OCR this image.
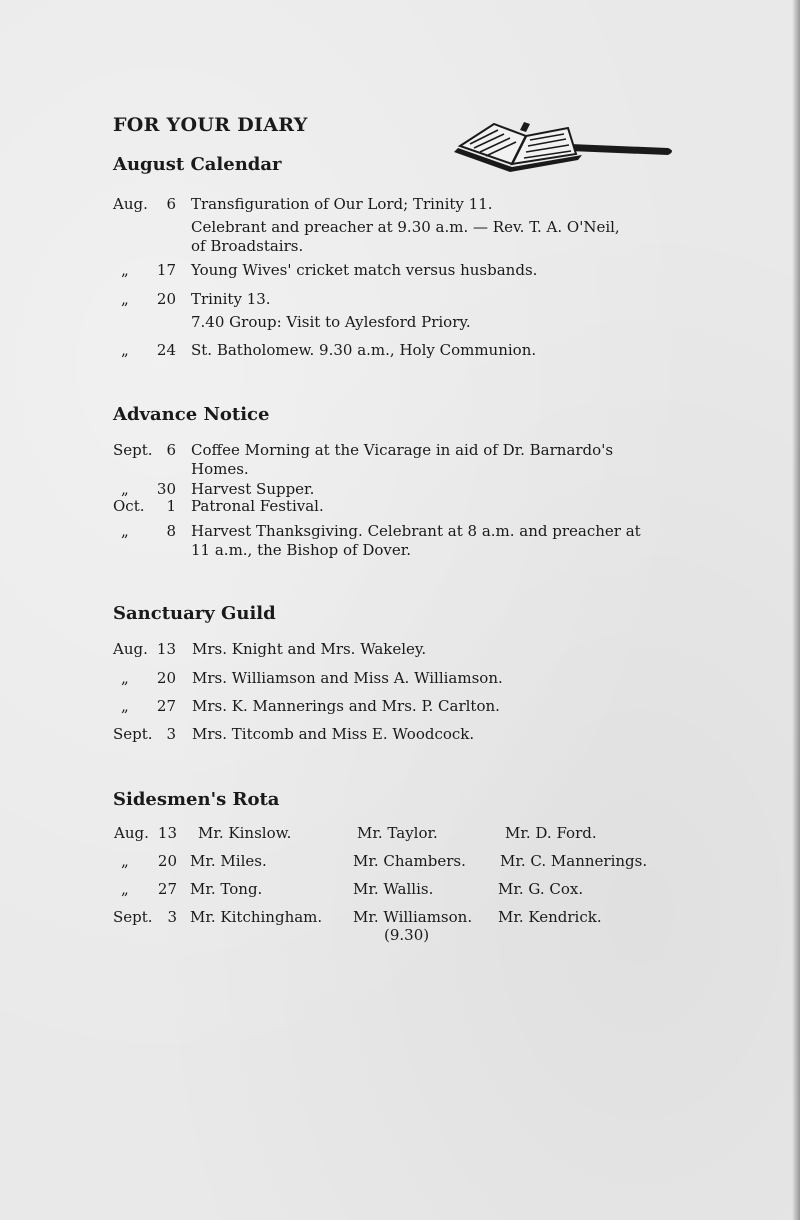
FOR YOUR DIARY
August Calendar
Aug.	6 Transfiguration of Our Lord; Trinity 11.
Celebrant and preacher at 9.30 a.m. — Rev. T. A. O'Neil,
of Broadstairs.
„	17 Young Wives' cricket match versus husbands.
„	20 Trinity 13.
7.40 Group: Visit to Aylesford Priory.
„	24 St. Batholomew. 9.30 a.m., Holy Communion.
Advance Notice
Sept. 6 Coffee Morning at the Vicarage in aid of Dr. Barnardo's
Homes.
„	30 Harvest Supper.
Oct.	1 Patronal Festival.
„	8 Harvest Thanksgiving. Celebrant at 8 a.m. and preacher at
11 a.m., the Bishop of Dover.
Sanctuary Guild
Aug. 13 Mrs. Knight and Mrs. Wakeley.
„	20 Mrs. Williamson and Miss A. Williamson.
„	27 Mrs. K. Mannerings and Mrs. P. Carlton.
Sept. 3 Mrs. Titcomb and Miss E. Woodcock.
Sidesmen's Rota
Aug. 13 Mr. Kinslow.	Mr. Taylor.	Mr. D. Ford.
„	20 Mr. Miles.	Mr. Chambers. Mr. C. Mannerings.
„	27 Mr. Tong.	Mr. Wallis.	Mr. G. Cox.
Sept. 3 Mr. Kitchingham. Mr. Williamson. Mr. Kendrick.
(9.30)
